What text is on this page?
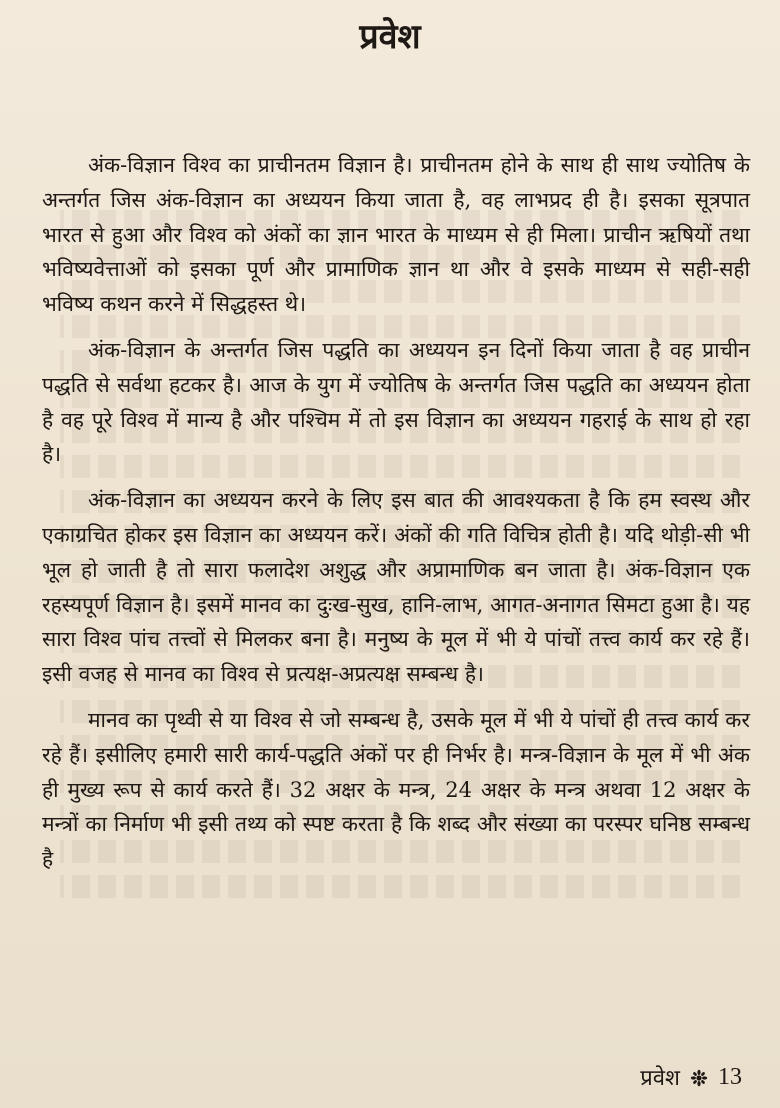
प्रवेश

अंक-विज्ञान विश्व का प्राचीनतम विज्ञान है। प्राचीनतम होने के साथ ही साथ ज्योतिष के अन्तर्गत जिस अंक-विज्ञान का अध्ययन किया जाता है, वह लाभप्रद ही है। इसका सूत्रपात भारत से हुआ और विश्व को अंकों का ज्ञान भारत के माध्यम से ही मिला। प्राचीन ऋषियों तथा भविष्यवेत्ताओं को इसका पूर्ण और प्रामाणिक ज्ञान था और वे इसके माध्यम से सही-सही भविष्य कथन करने में सिद्धहस्त थे।

अंक-विज्ञान के अन्तर्गत जिस पद्धति का अध्ययन इन दिनों किया जाता है वह प्राचीन पद्धति से सर्वथा हटकर है। आज के युग में ज्योतिष के अन्तर्गत जिस पद्धति का अध्ययन होता है वह पूरे विश्व में मान्य है और पश्चिम में तो इस विज्ञान का अध्ययन गहराई के साथ हो रहा है।

अंक-विज्ञान का अध्ययन करने के लिए इस बात की आवश्यकता है कि हम स्वस्थ और एकाग्रचित होकर इस विज्ञान का अध्ययन करें। अंकों की गति विचित्र होती है। यदि थोड़ी-सी भी भूल हो जाती है तो सारा फलादेश अशुद्ध और अप्रामाणिक बन जाता है। अंक-विज्ञान एक रहस्यपूर्ण विज्ञान है। इसमें मानव का दुःख-सुख, हानि-लाभ, आगत-अनागत सिमटा हुआ है। यह सारा विश्व पांच तत्त्वों से मिलकर बना है। मनुष्य के मूल में भी ये पांचों तत्त्व कार्य कर रहे हैं। इसी वजह से मानव का विश्व से प्रत्यक्ष-अप्रत्यक्ष सम्बन्ध है।

मानव का पृथ्वी से या विश्व से जो सम्बन्ध है, उसके मूल में भी ये पांचों ही तत्त्व कार्य कर रहे हैं। इसीलिए हमारी सारी कार्य-पद्धति अंकों पर ही निर्भर है। मन्त्र-विज्ञान के मूल में भी अंक ही मुख्य रूप से कार्य करते हैं। 32 अक्षर के मन्त्र, 24 अक्षर के मन्त्र अथवा 12 अक्षर के मन्त्रों का निर्माण भी इसी तथ्य को स्पष्ट करता है कि शब्द और संख्या का परस्पर घनिष्ठ सम्बन्ध है

प्रवेश 13
